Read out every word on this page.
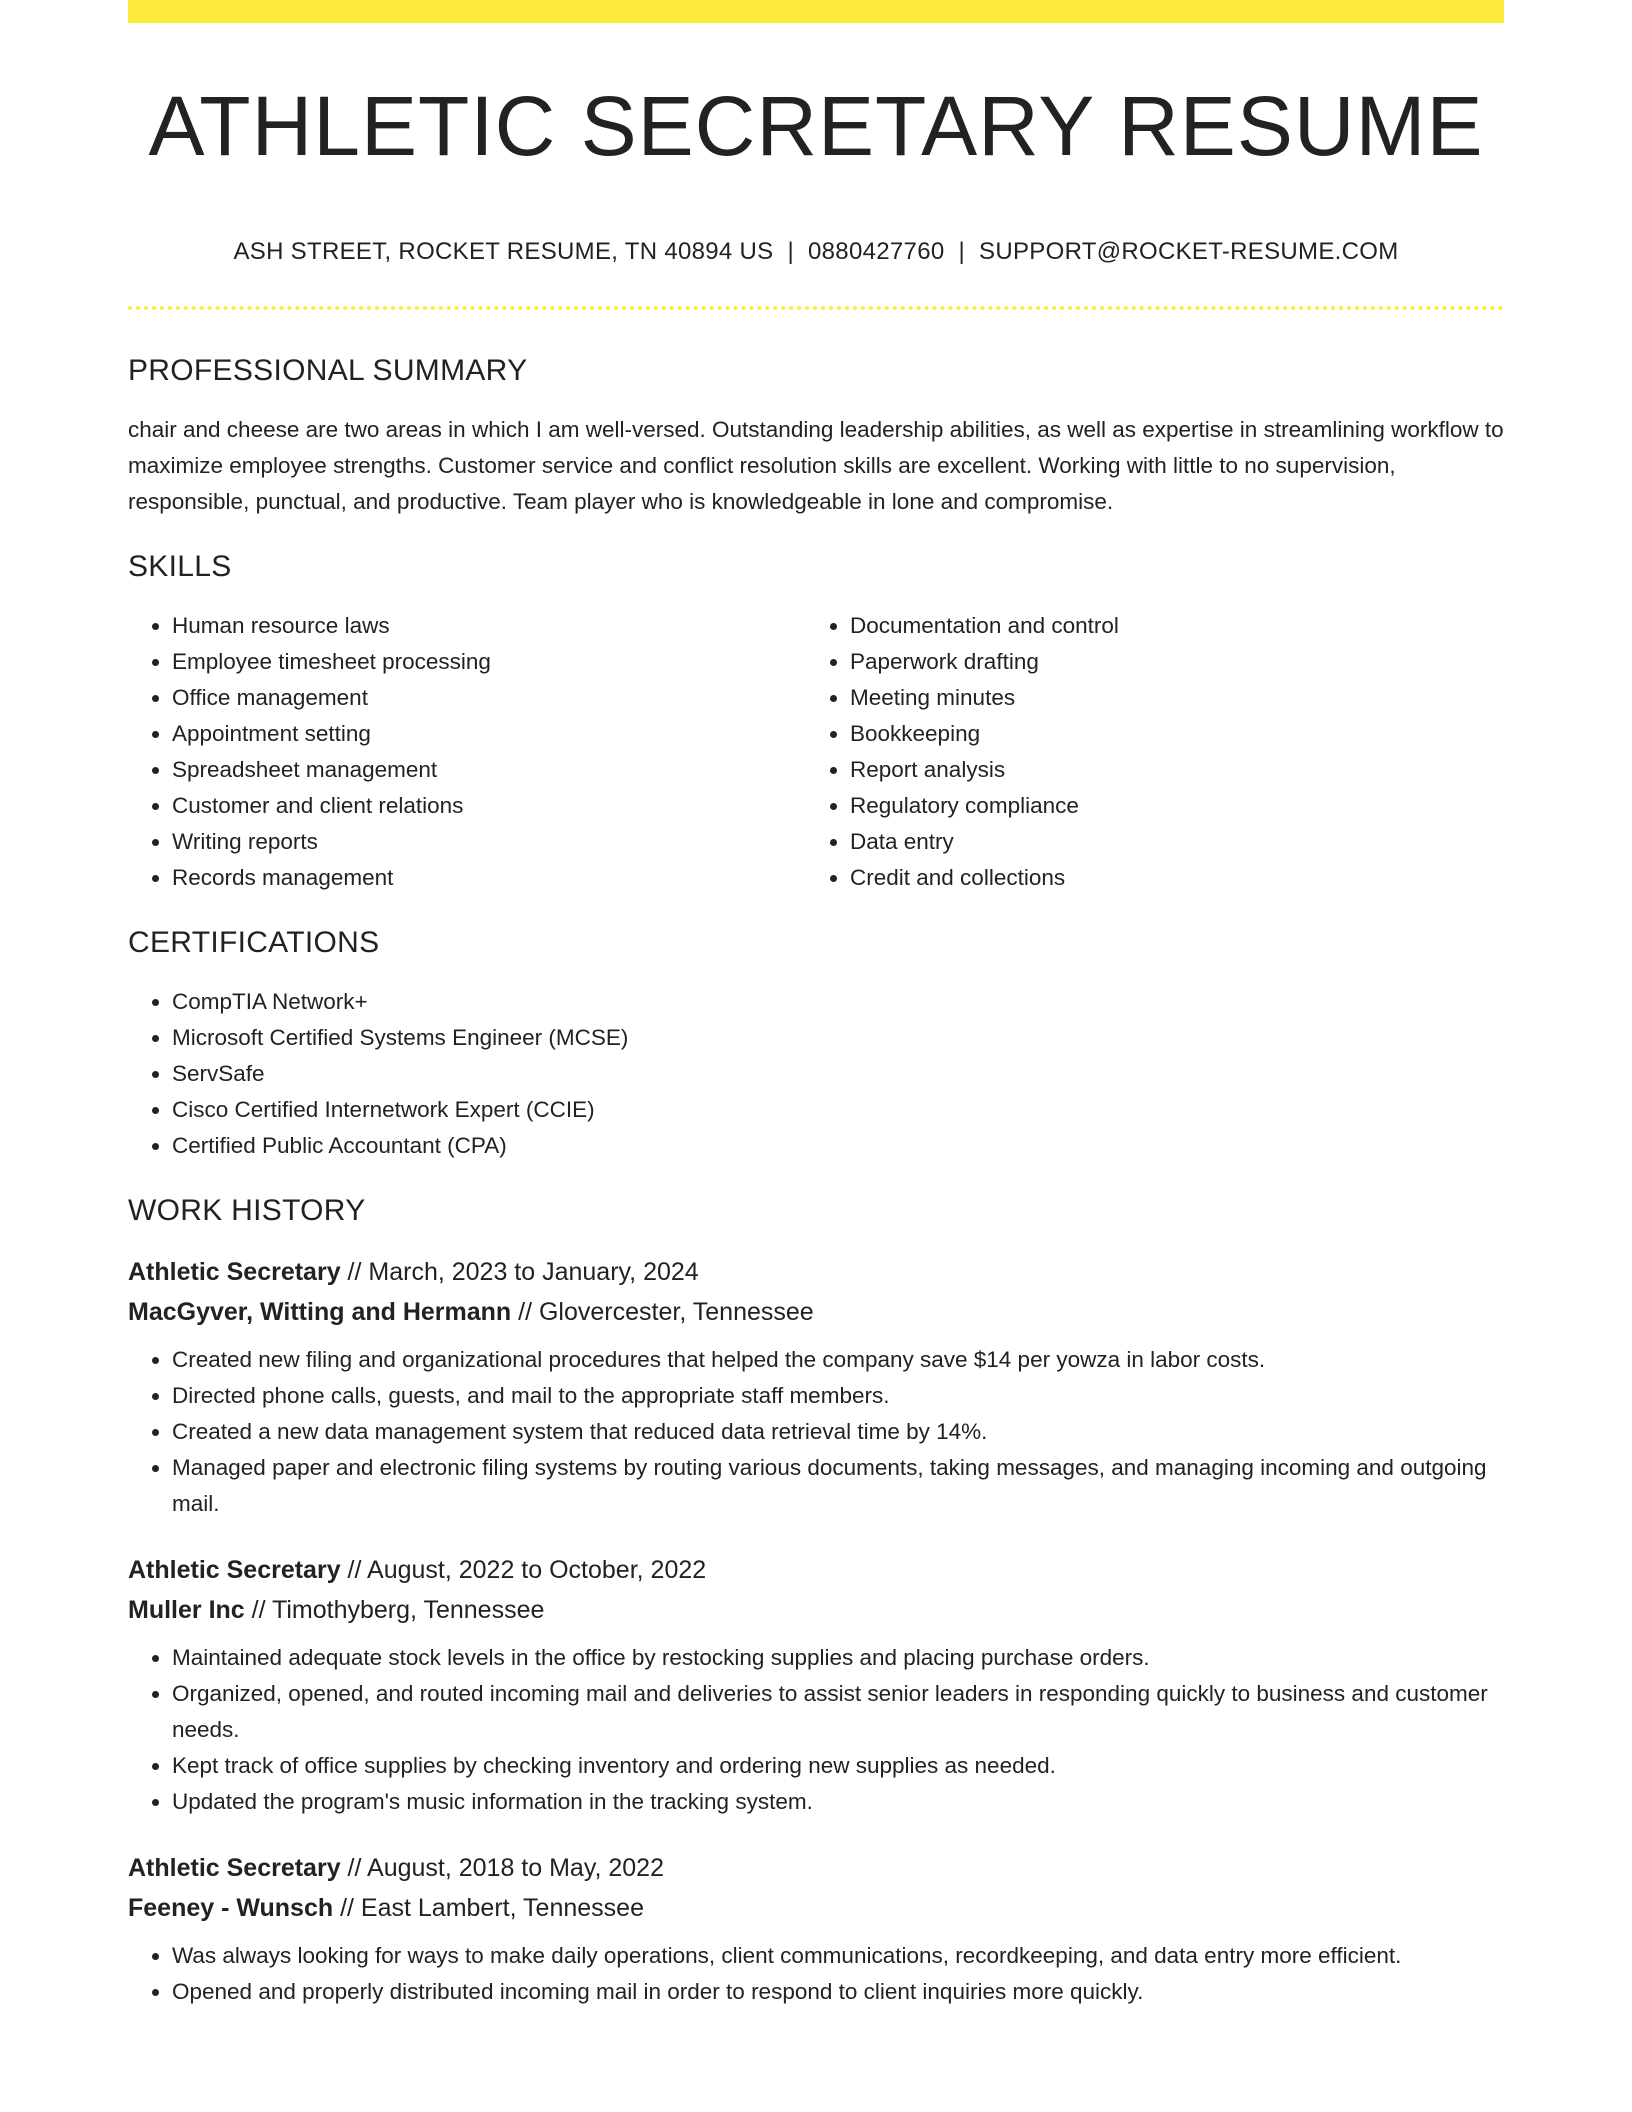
ATHLETIC SECRETARY RESUME
ASH STREET, ROCKET RESUME, TN 40894 US | 0880427760 | SUPPORT@ROCKET-RESUME.COM
PROFESSIONAL SUMMARY

chair and cheese are two areas in which I am well-versed. Outstanding leadership abilities, as well as expertise in streamlining workflow to maximize employee strengths. Customer service and conflict resolution skills are excellent. Working with little to no supervision, responsible, punctual, and productive. Team player who is knowledgeable in lone and compromise.

SKILLS
• Human resource laws
• Employee timesheet processing
• Office management
• Appointment setting
• Spreadsheet management
• Customer and client relations
• Writing reports
• Records management
• Documentation and control
• Paperwork drafting
• Meeting minutes
• Bookkeeping
• Report analysis
• Regulatory compliance
• Data entry
• Credit and collections
CERTIFICATIONS
• CompTIA Network+
• Microsoft Certified Systems Engineer (MCSE)
• ServSafe
• Cisco Certified Internetwork Expert (CCIE)
• Certified Public Accountant (CPA)
WORK HISTORY
Athletic Secretary // March, 2023 to January, 2024
MacGyver, Witting and Hermann // Glovercester, Tennessee
• Created new filing and organizational procedures that helped the company save $14 per yowza in labor costs.
• Directed phone calls, guests, and mail to the appropriate staff members.
• Created a new data management system that reduced data retrieval time by 14%.
• Managed paper and electronic filing systems by routing various documents, taking messages, and managing incoming and outgoing mail.
Athletic Secretary // August, 2022 to October, 2022
Muller Inc // Timothyberg, Tennessee
• Maintained adequate stock levels in the office by restocking supplies and placing purchase orders.
• Organized, opened, and routed incoming mail and deliveries to assist senior leaders in responding quickly to business and customer needs.
• Kept track of office supplies by checking inventory and ordering new supplies as needed.
• Updated the program's music information in the tracking system.
Athletic Secretary // August, 2018 to May, 2022
Feeney - Wunsch // East Lambert, Tennessee
• Was always looking for ways to make daily operations, client communications, recordkeeping, and data entry more efficient.
• Opened and properly distributed incoming mail in order to respond to client inquiries more quickly.
